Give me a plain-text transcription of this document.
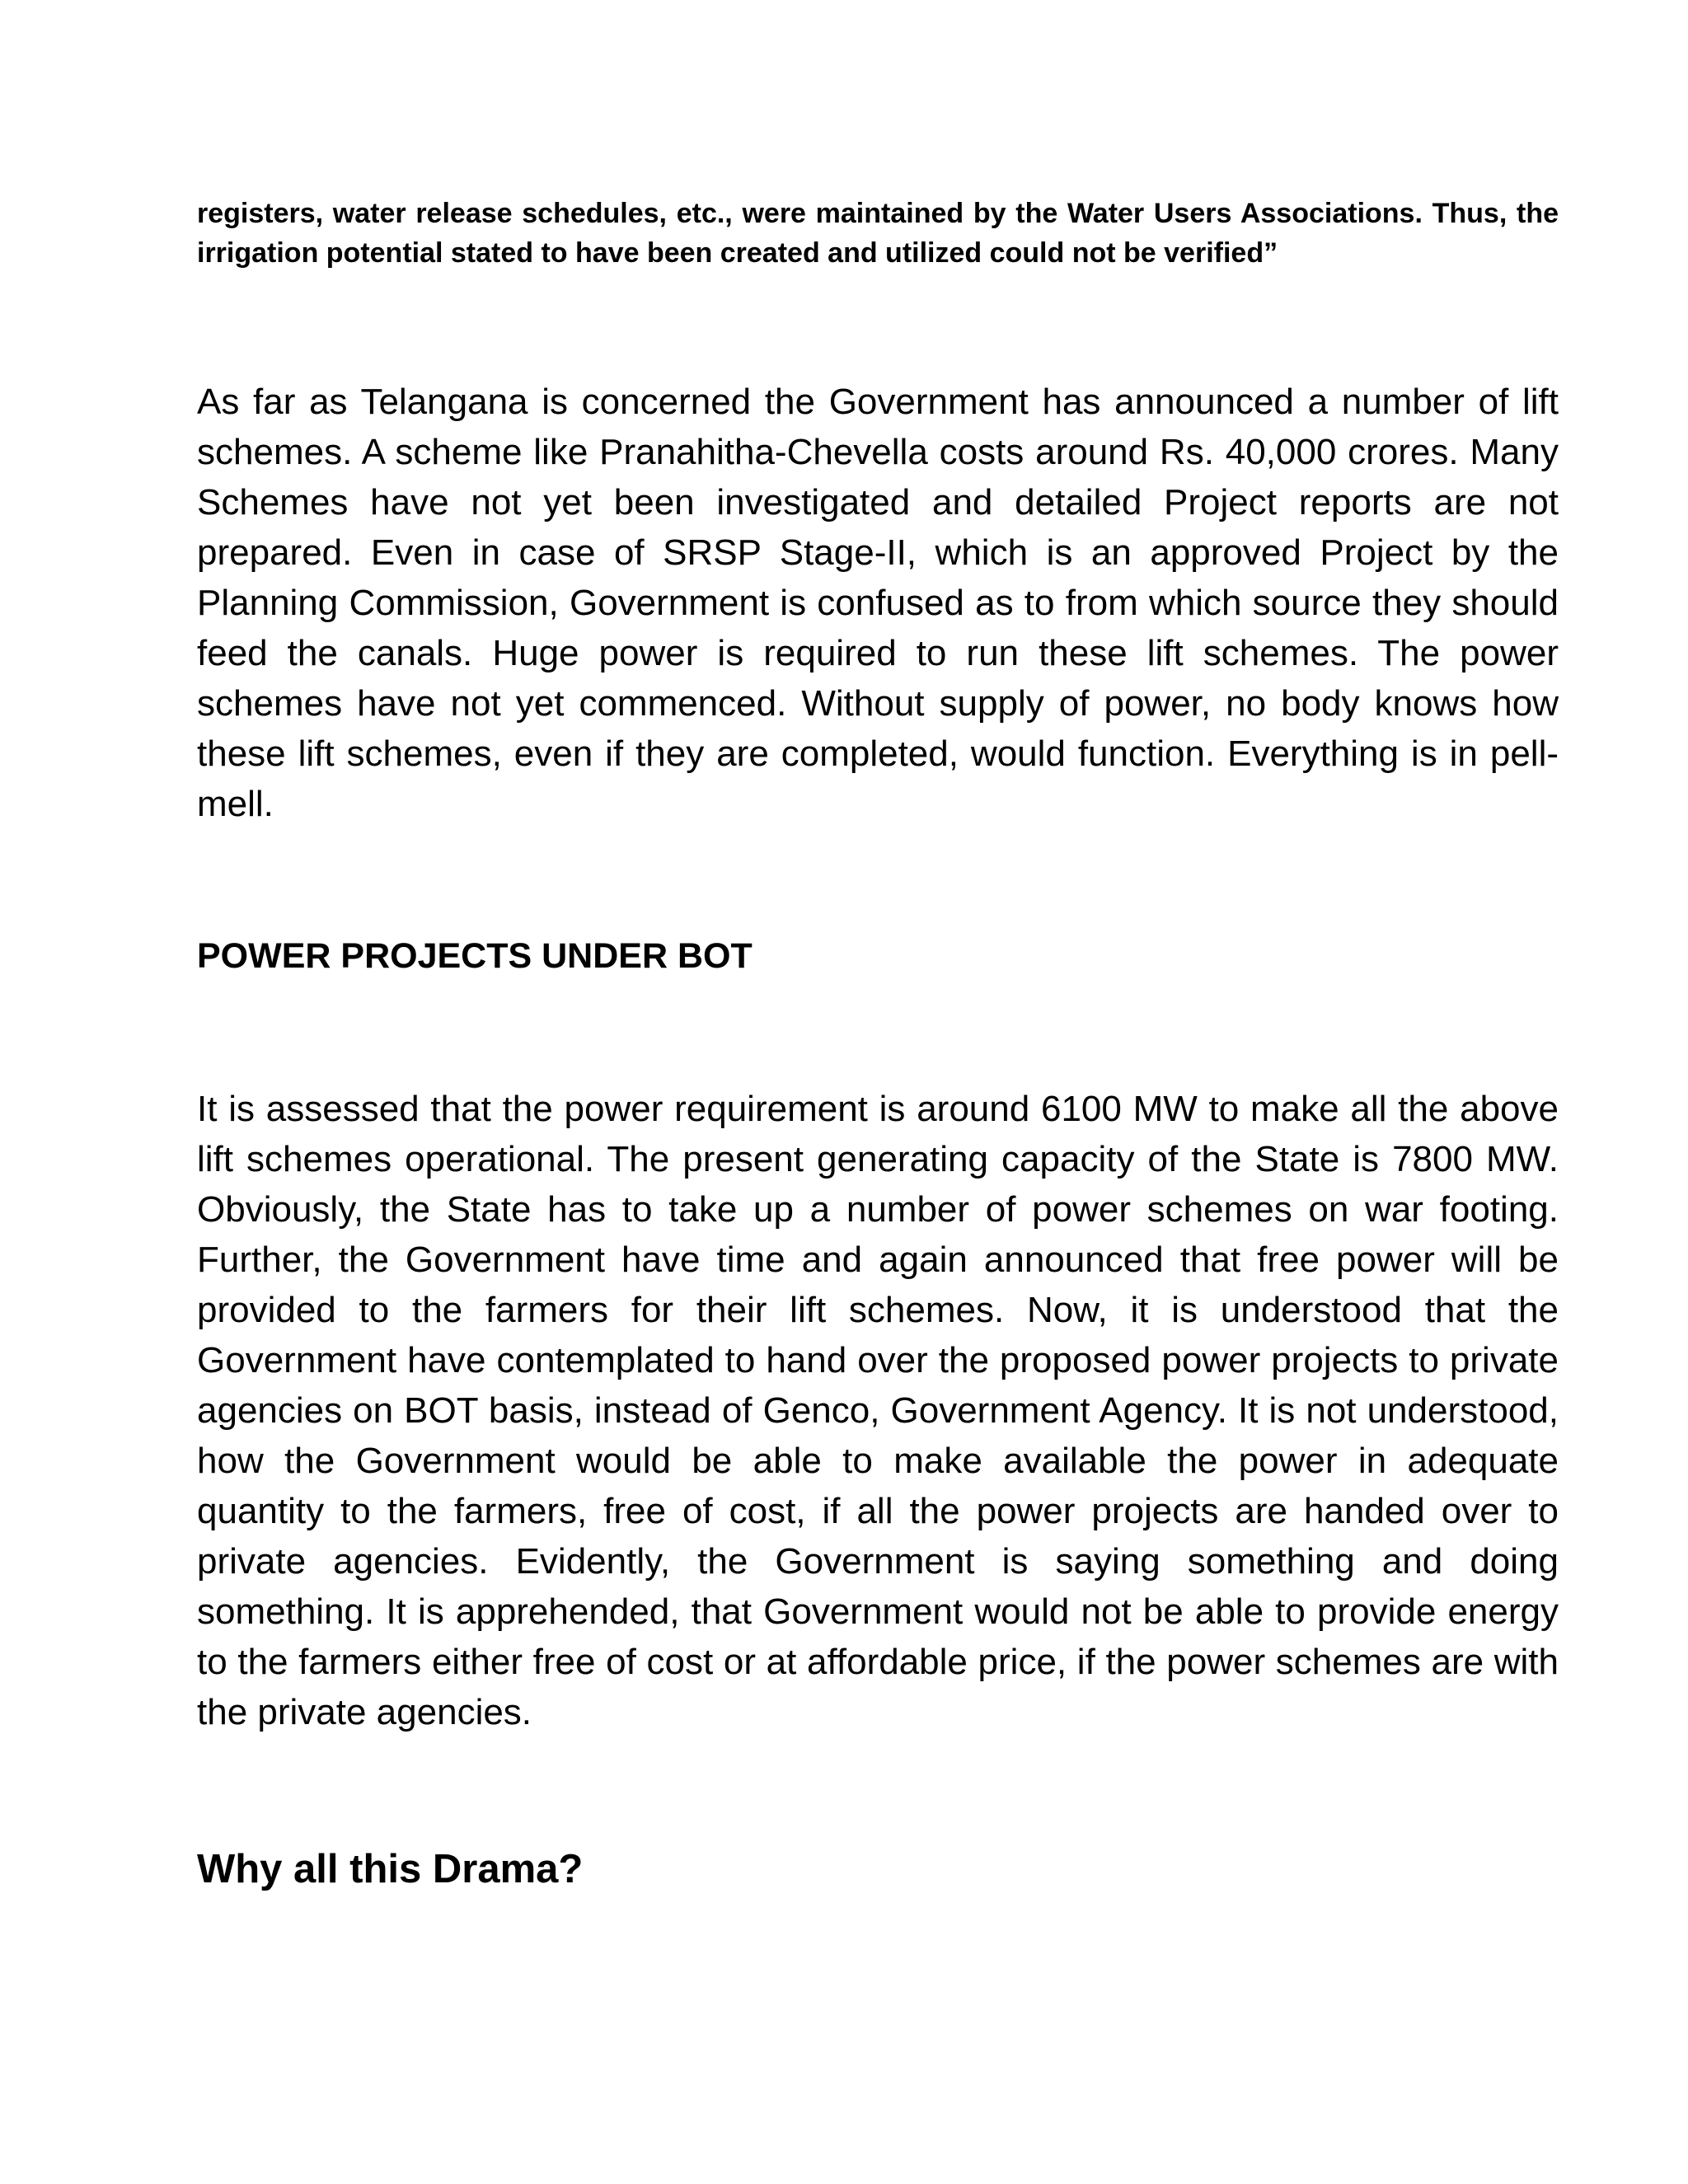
registers, water release schedules, etc., were maintained by the Water Users Associations. Thus, the irrigation potential stated to have been created and utilized could not be verified”

As far as Telangana is concerned the Government has announced a number of lift schemes. A scheme like Pranahitha-Chevella costs around Rs. 40,000 crores. Many Schemes have not yet been investigated and detailed Project reports are not prepared. Even in case of SRSP Stage-II, which is an approved Project by the Planning Commission, Government is confused as to from which source they should feed the canals. Huge power is required to run these lift schemes. The power schemes have not yet commenced. Without supply of power, no body knows how these lift schemes, even if they are completed, would function. Everything is in pell-mell.

POWER PROJECTS UNDER BOT

It is assessed that the power requirement is around 6100 MW to make all the above lift schemes operational. The present generating capacity of the State is 7800 MW. Obviously, the State has to take up a number of power schemes on war footing. Further, the Government have time and again announced that free power will be provided to the farmers for their lift schemes. Now, it is understood that the Government have contemplated to hand over the proposed power projects to private agencies on BOT basis, instead of Genco, Government Agency. It is not understood, how the Government would be able to make available the power in adequate quantity to the farmers, free of cost, if all the power projects are handed over to private agencies. Evidently, the Government is saying something and doing something. It is apprehended, that Government would not be able to provide energy to the farmers either free of cost or at affordable price, if the power schemes are with the private agencies.

Why all this Drama?
